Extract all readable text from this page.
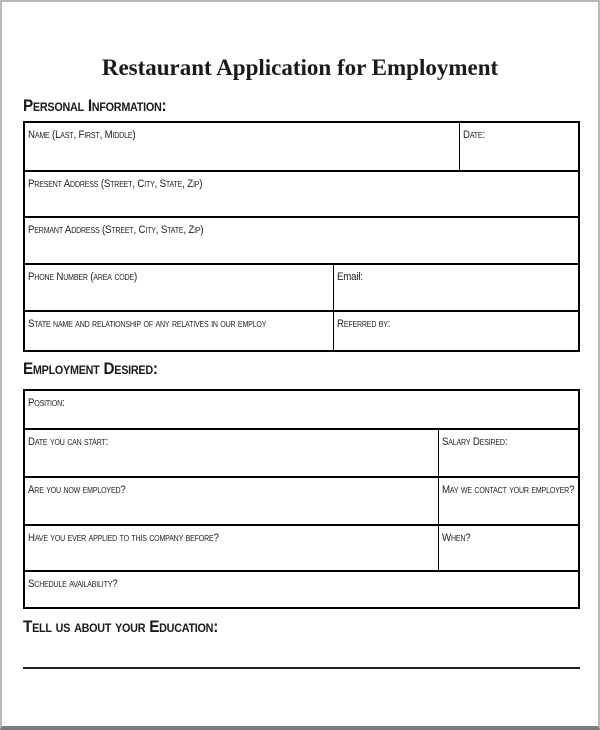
Restaurant Application for Employment
Personal Information:
Name (Last, First, Middle)	Date:
Present Address (Street, City, State, Zip)
Permant Address (Street, City, State, Zip)
Phone Number (area code)	Email:
State name and relationship of any relatives in our employ	Referred by:
Employment Desired:
Position:
Date you can start:	Salary Desired:
Are you now employed?	May we contact your employer?
Have you ever applied to this company before?	When?
Schedule availability?
Tell us about your Education:
